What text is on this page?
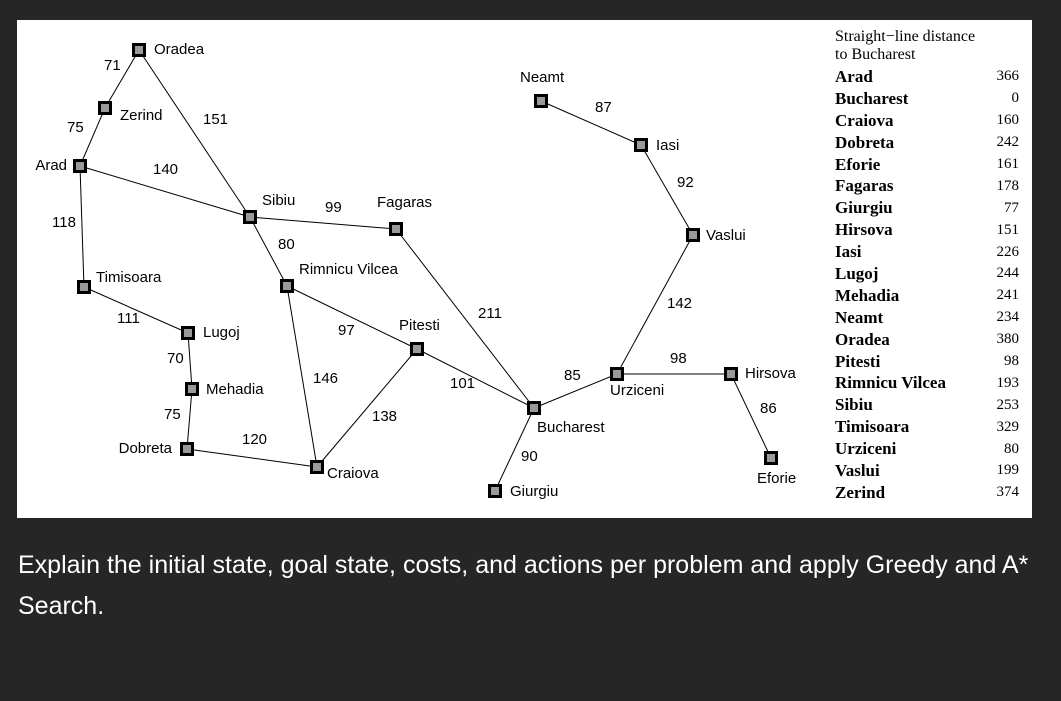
71
75	151
140
118
111
70
75
120
99
80
97
146
138
211
101
90
85
98
86
142
92
87
Oradea
Zerind
Arad
Timisoara
Lugoj
Mehadia
Dobreta
Craiova
Sibiu
Rimnicu Vilcea
Fagaras
Pitesti
Bucharest
Giurgiu
Urziceni
Hirsova
Eforie
Vaslui
Iasi
Neamt
Straight−line distance
to Bucharest
Arad	366
Bucharest	0
Craiova	160
Dobreta	242
Eforie	161
Fagaras	178
Giurgiu	77
Hirsova	151
Iasi	226
Lugoj	244
Mehadia	241
Neamt	234
Oradea	380
Pitesti	98
Rimnicu Vilcea	193
Sibiu	253
Timisoara	329
Urziceni	80
Vaslui	199
Zerind	374
Explain the initial state, goal state, costs, and actions per problem and apply Greedy and A* Search.
